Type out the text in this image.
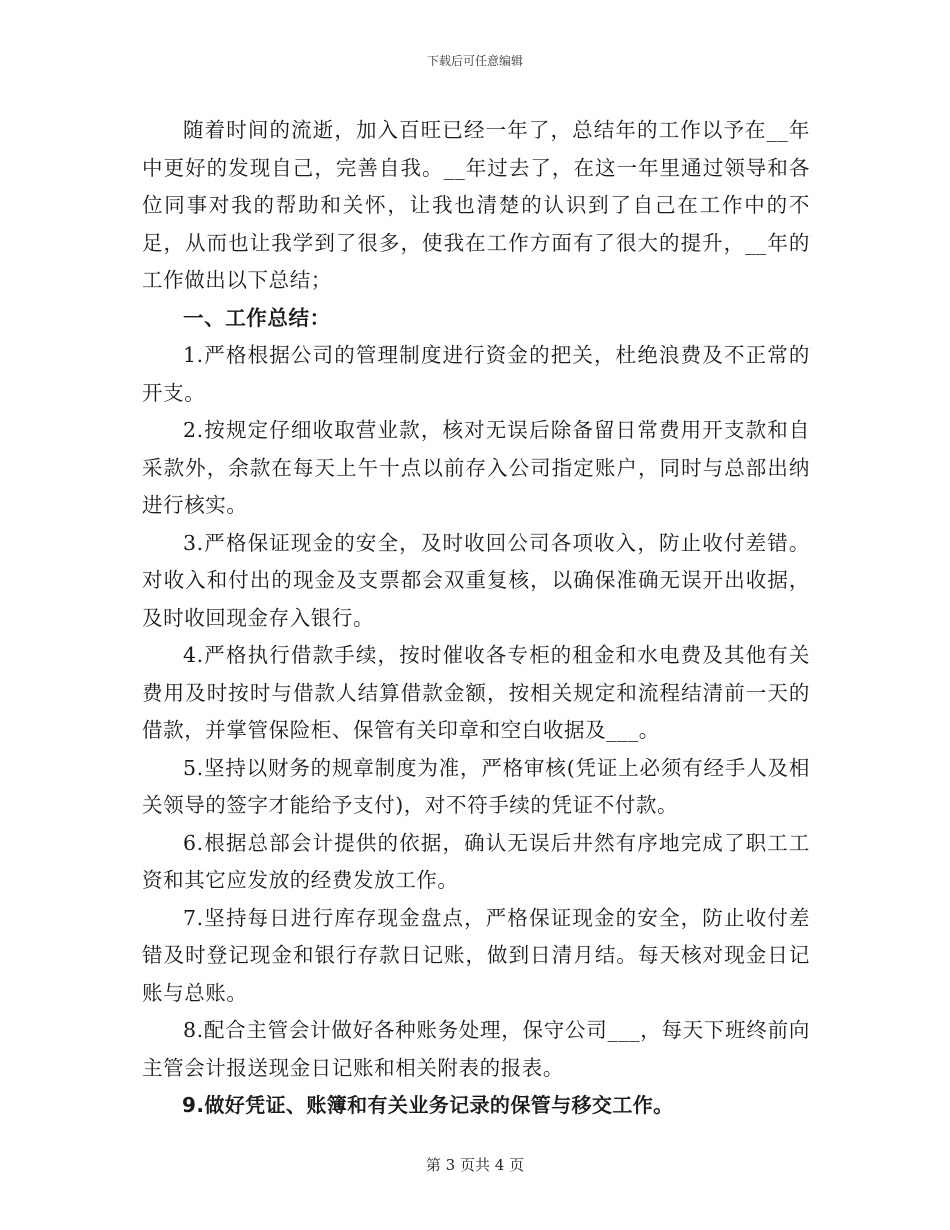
下载后可任意编辑

随着时间的流逝，加入百旺已经一年了，总结年的工作以予在__年中更好的发现自己，完善自我。__年过去了，在这一年里通过领导和各位同事对我的帮助和关怀，让我也清楚的认识到了自己在工作中的不足，从而也让我学到了很多，使我在工作方面有了很大的提升，__年的工作做出以下总结；

一、工作总结：

1.严格根据公司的管理制度进行资金的把关，杜绝浪费及不正常的开支。

2.按规定仔细收取营业款，核对无误后除备留日常费用开支款和自采款外，余款在每天上午十点以前存入公司指定账户，同时与总部出纳进行核实。

3.严格保证现金的安全，及时收回公司各项收入，防止收付差错。对收入和付出的现金及支票都会双重复核，以确保准确无误开出收据，及时收回现金存入银行。

4.严格执行借款手续，按时催收各专柜的租金和水电费及其他有关费用及时按时与借款人结算借款金额，按相关规定和流程结清前一天的借款，并掌管保险柜、保管有关印章和空白收据及___。

5.坚持以财务的规章制度为准，严格审核(凭证上必须有经手人及相关领导的签字才能给予支付)，对不符手续的凭证不付款。

6.根据总部会计提供的依据，确认无误后井然有序地完成了职工工资和其它应发放的经费发放工作。

7.坚持每日进行库存现金盘点，严格保证现金的安全，防止收付差错及时登记现金和银行存款日记账，做到日清月结。每天核对现金日记账与总账。

8.配合主管会计做好各种账务处理，保守公司___，每天下班终前向主管会计报送现金日记账和相关附表的报表。

9.做好凭证、账簿和有关业务记录的保管与移交工作。

第 3 页共 4 页
